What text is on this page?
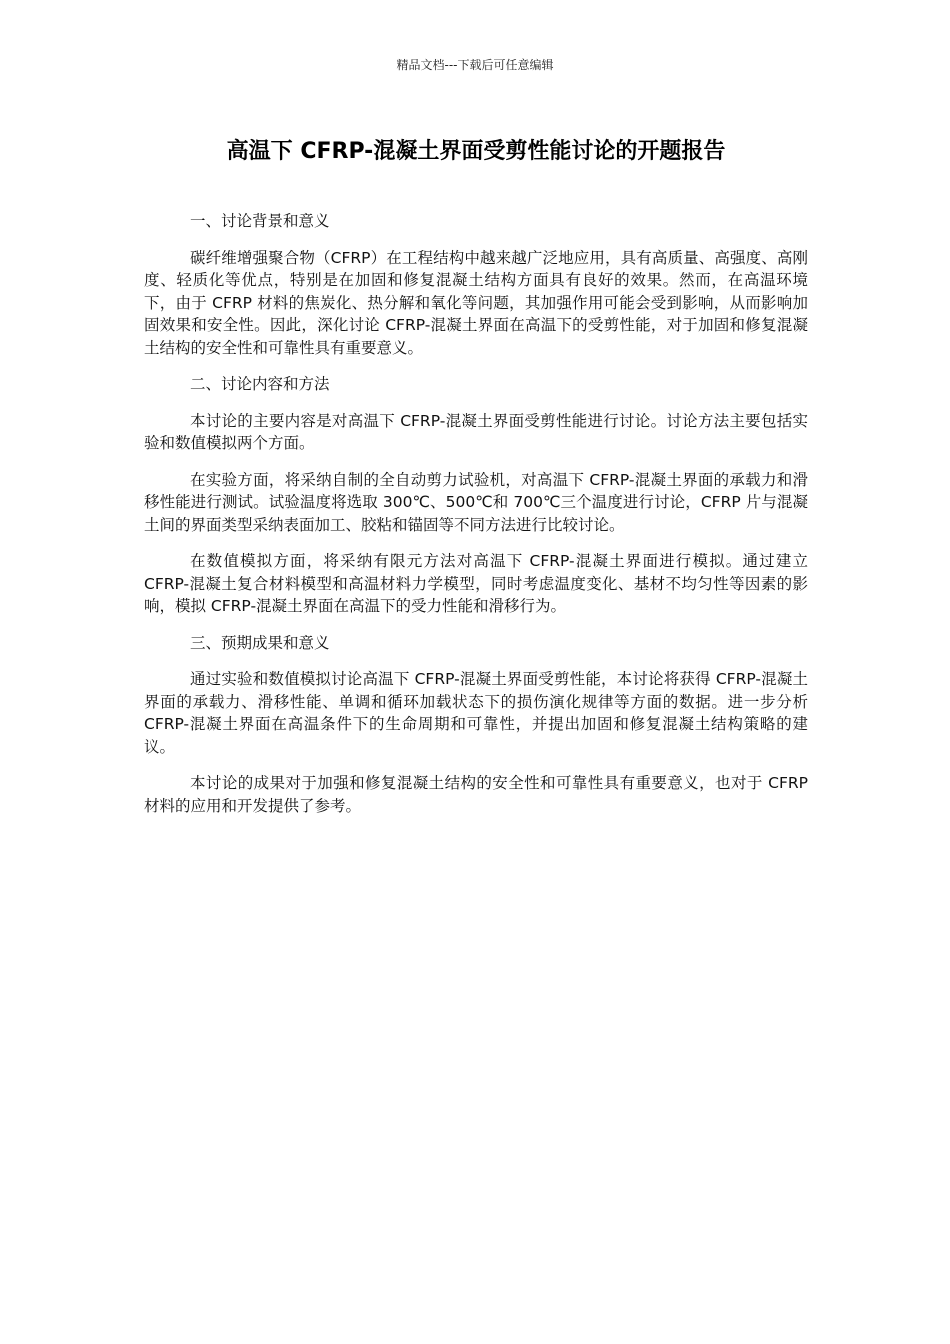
精品文档---下载后可任意编辑
高温下 CFRP-混凝土界面受剪性能讨论的开题报告

一、讨论背景和意义

碳纤维增强聚合物（CFRP）在工程结构中越来越广泛地应用，具有高质量、高强度、高刚度、轻质化等优点，特别是在加固和修复混凝土结构方面具有良好的效果。然而，在高温环境下，由于 CFRP 材料的焦炭化、热分解和氧化等问题，其加强作用可能会受到影响，从而影响加固效果和安全性。因此，深化讨论 CFRP-混凝土界面在高温下的受剪性能，对于加固和修复混凝土结构的安全性和可靠性具有重要意义。

二、讨论内容和方法

本讨论的主要内容是对高温下 CFRP-混凝土界面受剪性能进行讨论。讨论方法主要包括实验和数值模拟两个方面。

在实验方面，将采纳自制的全自动剪力试验机，对高温下 CFRP-混凝土界面的承载力和滑移性能进行测试。试验温度将选取 300℃、500℃和 700℃三个温度进行讨论，CFRP 片与混凝土间的界面类型采纳表面加工、胶粘和锚固等不同方法进行比较讨论。

在数值模拟方面，将采纳有限元方法对高温下 CFRP-混凝土界面进行模拟。通过建立 CFRP-混凝土复合材料模型和高温材料力学模型，同时考虑温度变化、基材不均匀性等因素的影响，模拟 CFRP-混凝土界面在高温下的受力性能和滑移行为。

三、预期成果和意义

通过实验和数值模拟讨论高温下 CFRP-混凝土界面受剪性能，本讨论将获得 CFRP-混凝土界面的承载力、滑移性能、单调和循环加载状态下的损伤演化规律等方面的数据。进一步分析 CFRP-混凝土界面在高温条件下的生命周期和可靠性，并提出加固和修复混凝土结构策略的建议。

本讨论的成果对于加强和修复混凝土结构的安全性和可靠性具有重要意义，也对于 CFRP 材料的应用和开发提供了参考。
